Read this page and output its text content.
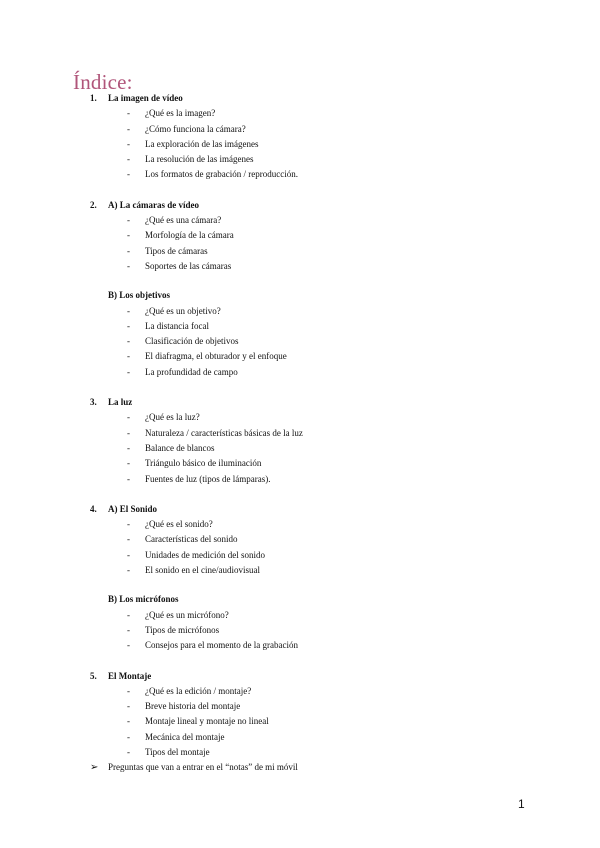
Índice:
1. La imagen de vídeo
- ¿Qué es la imagen?
- ¿Cómo funciona la cámara?
- La exploración de las imágenes
- La resolución de las imágenes
- Los formatos de grabación / reproducción.
2. A) La cámaras de vídeo
- ¿Qué es una cámara?
- Morfología de la cámara
- Tipos de cámaras
- Soportes de las cámaras
B) Los objetivos
- ¿Qué es un objetivo?
- La distancia focal
- Clasificación de objetivos
- El diafragma, el obturador y el enfoque
- La profundidad de campo
3. La luz
- ¿Qué es la luz?
- Naturaleza / características básicas de la luz
- Balance de blancos
- Triángulo básico de iluminación
- Fuentes de luz (tipos de lámparas).
4. A) El Sonido
- ¿Qué es el sonido?
- Características del sonido
- Unidades de medición del sonido
- El sonido en el cine/audiovisual
B) Los micrófonos
- ¿Qué es un micrófono?
- Tipos de micrófonos
- Consejos para el momento de la grabación
5. El Montaje
- ¿Qué es la edición / montaje?
- Breve historia del montaje
- Montaje lineal y montaje no lineal
- Mecánica del montaje
- Tipos del montaje
➢ Preguntas que van a entrar en el “notas” de mi móvil
1
